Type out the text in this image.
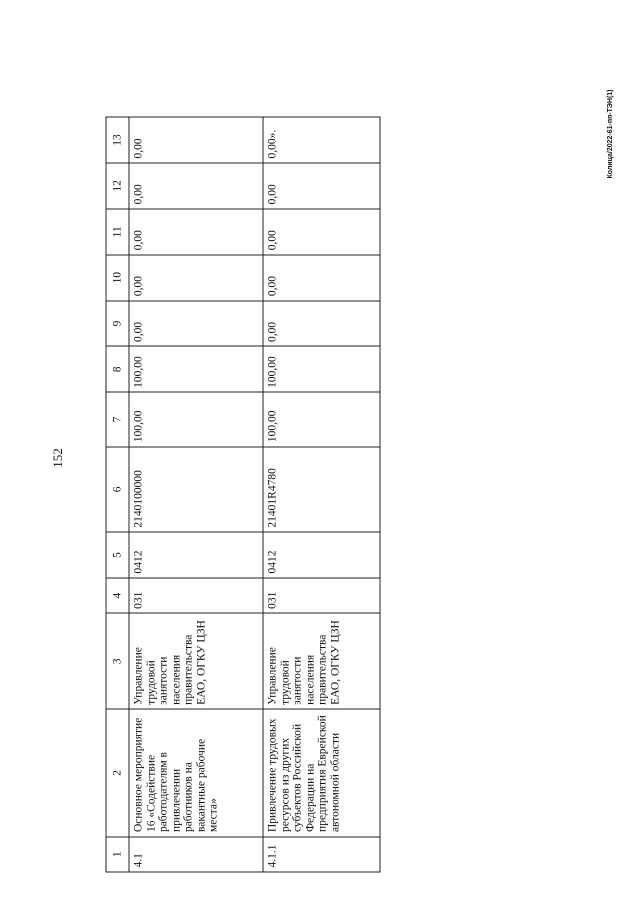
152
Колица/2022-61-пп-ТЭН(1)
1	2	3	4	5	6	7	8	9	10	11	12	13
4.1	Основное мероприятие 16 «Содействие работодателям в привлечении работников на вакантные рабочие места»	Управление трудовой занятости населения правительства ЕАО, ОГКУ ЦЗН	031	0412	2140100000	100,00	100,00	0,00	0,00	0,00	0,00	0,00
4.1.1	Привлечение трудовых ресурсов из других субъектов Российской Федерации на предприятия Еврейской автономной области	Управление трудовой занятости населения правительства ЕАО, ОГКУ ЦЗН	031	0412	21401R4780	100,00	100,00	0,00	0,00	0,00	0,00	0,00».
